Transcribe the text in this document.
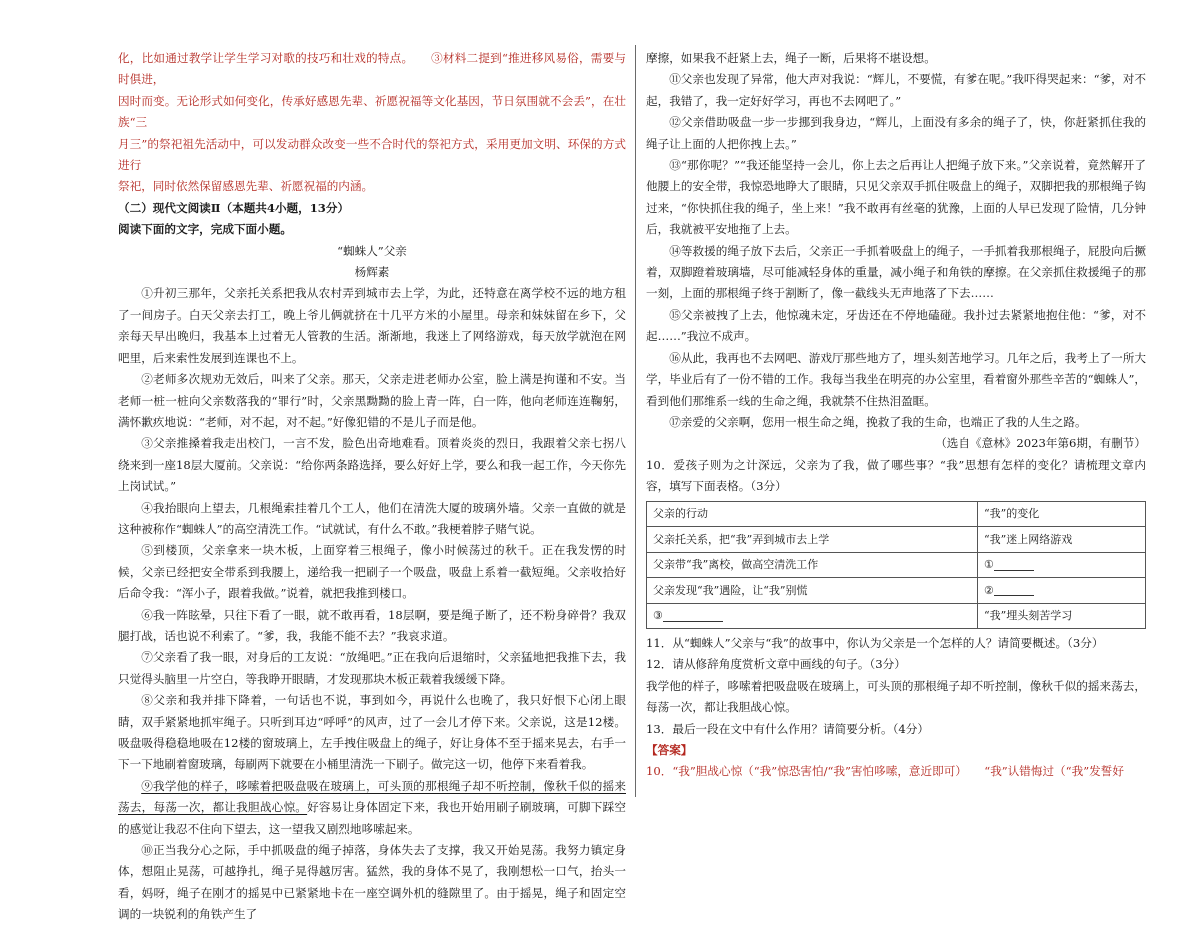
化，比如通过教学让学生学习对歌的技巧和壮戏的特点。　　③材料二提到“推进移风易俗，需要与时俱进，

因时而变。无论形式如何变化，传承好感恩先辈、祈愿祝福等文化基因，节日氛围就不会丢”，在壮族“三

月三”的祭祀祖先活动中，可以发动群众改变一些不合时代的祭祀方式，采用更加文明、环保的方式进行

祭祀，同时依然保留感恩先辈、祈愿祝福的内涵。

（二）现代文阅读Ⅱ（本题共4小题，13分）

阅读下面的文字，完成下面小题。

“蜘蛛人”父亲

杨辉素

①升初三那年，父亲托关系把我从农村弄到城市去上学，为此，还特意在离学校不远的地方租了一间房子。白天父亲去打工，晚上爷儿俩就挤在十几平方米的小屋里。母亲和妹妹留在乡下，父亲每天早出晚归，我基本上过着无人管教的生活。渐渐地，我迷上了网络游戏，每天放学就泡在网吧里，后来索性发展到连课也不上。

②老师多次规劝无效后，叫来了父亲。那天，父亲走进老师办公室，脸上满是拘谨和不安。当老师一桩一桩向父亲数落我的“罪行”时，父亲黑黝黝的脸上青一阵，白一阵，他向老师连连鞠躬，满怀歉疚地说：“老师，对不起，对不起。”好像犯错的不是儿子而是他。

③父亲推搡着我走出校门，一言不发，脸色出奇地难看。顶着炎炎的烈日，我跟着父亲七拐八绕来到一座18层大厦前。父亲说：“给你两条路选择，要么好好上学，要么和我一起工作，今天你先上岗试试。”

④我抬眼向上望去，几根绳索挂着几个工人，他们在清洗大厦的玻璃外墙。父亲一直做的就是这种被称作“蜘蛛人”的高空清洗工作。“试就试，有什么不敢。”我梗着脖子赌气说。

⑤到楼顶，父亲拿来一块木板，上面穿着三根绳子，像小时候荡过的秋千。正在我发愣的时候，父亲已经把安全带系到我腰上，递给我一把刷子一个吸盘，吸盘上系着一截短绳。父亲收拾好后命令我：“浑小子，跟着我做。”说着，就把我推到楼口。

⑥我一阵眩晕，只往下看了一眼，就不敢再看，18层啊，要是绳子断了，还不粉身碎骨？我双腿打战，话也说不利索了。“爹，我，我能不能不去？”我哀求道。

⑦父亲看了我一眼，对身后的工友说：“放绳吧。”正在我向后退缩时，父亲猛地把我推下去，我只觉得头脑里一片空白，等我睁开眼睛，才发现那块木板正载着我缓缓下降。

⑧父亲和我并排下降着，一句话也不说，事到如今，再说什么也晚了，我只好恨下心闭上眼睛，双手紧紧地抓牢绳子。只听到耳边“呼呼”的风声，过了一会儿才停下来。父亲说，这是12楼。吸盘吸得稳稳地吸在12楼的窗玻璃上，左手拽住吸盘上的绳子，好让身体不至于摇来晃去，右手一下一下地刷着窗玻璃，每刷两下就要在小桶里清洗一下刷子。做完这一切，他停下来看着我。

⑨我学他的样子，哆嗦着把吸盘吸在玻璃上，可头顶的那根绳子却不听控制，像秋千似的摇来荡去，每荡一次，都让我胆战心惊。好容易让身体固定下来，我也开始用刷子刷玻璃，可脚下踩空的感觉让我忍不住向下望去，这一望我又剧烈地哆嗦起来。

⑩正当我分心之际，手中抓吸盘的绳子掉落，身体失去了支撑，我又开始晃荡。我努力镇定身体，想阻止晃荡，可越挣扎，绳子晃得越厉害。猛然，我的身体不晃了，我刚想松一口气，抬头一看，妈呀，绳子在刚才的摇晃中已紧紧地卡在一座空调外机的缝隙里了。由于摇晃，绳子和固定空调的一块锐利的角铁产生了

摩擦，如果我不赶紧上去，绳子一断，后果将不堪设想。

⑪父亲也发现了异常，他大声对我说：“辉儿，不要慌，有爹在呢。”我吓得哭起来：“爹，对不起，我错了，我一定好好学习，再也不去网吧了。”

⑫父亲借助吸盘一步一步挪到我身边，“辉儿，上面没有多余的绳子了，快，你赶紧抓住我的绳子让上面的人把你拽上去。”

⑬“那你呢？”“我还能坚持一会儿，你上去之后再让人把绳子放下来。”父亲说着，竟然解开了他腰上的安全带，我惊恐地睁大了眼睛，只见父亲双手抓住吸盘上的绳子，双脚把我的那根绳子钩过来，“你快抓住我的绳子，坐上来！”我不敢再有丝毫的犹豫，上面的人早已发现了险情，几分钟后，我就被平安地拖了上去。

⑭等救援的绳子放下去后，父亲正一手抓着吸盘上的绳子，一手抓着我那根绳子，屁股向后撅着，双脚蹬着玻璃墙，尽可能减轻身体的重量，减小绳子和角铁的摩擦。在父亲抓住救援绳子的那一刻，上面的那根绳子终于割断了，像一截线头无声地落了下去……

⑮父亲被拽了上去，他惊魂未定，牙齿还在不停地磕碰。我扑过去紧紧地抱住他：“爹，对不起……”我泣不成声。

⑯从此，我再也不去网吧、游戏厅那些地方了，埋头刻苦地学习。几年之后，我考上了一所大学，毕业后有了一份不错的工作。我每当我坐在明亮的办公室里，看着窗外那些辛苦的“蜘蛛人”，看到他们那维系一线的生命之绳，我就禁不住热泪盈眶。

⑰亲爱的父亲啊，您用一根生命之绳，挽救了我的生命，也端正了我的人生之路。

（选自《意林》2023年第6期，有删节）

10．爱孩子则为之计深远，父亲为了我，做了哪些事？“我”思想有怎样的变化？请梳理文章内容，填写下面表格。（3分）

父亲的行动	“我”的变化
父亲托关系，把“我”弄到城市去上学	“我”迷上网络游戏
父亲带“我”离校，做高空清洗工作	①
父亲发现“我”遇险，让“我”别慌	②
③	“我”埋头刻苦学习

11．从“蜘蛛人”父亲与“我”的故事中，你认为父亲是一个怎样的人？请简要概述。（3分）

12．请从修辞角度赏析文章中画线的句子。（3分）

我学他的样子，哆嗦着把吸盘吸在玻璃上，可头顶的那根绳子却不听控制，像秋千似的摇来荡去，每荡一次，都让我胆战心惊。

13．最后一段在文中有什么作用？请简要分析。（4分）

【答案】

10．“我”胆战心惊（“我”惊恐害怕/“我”害怕哆嗦，意近即可）　　“我”认错悔过（“我”发誓好
